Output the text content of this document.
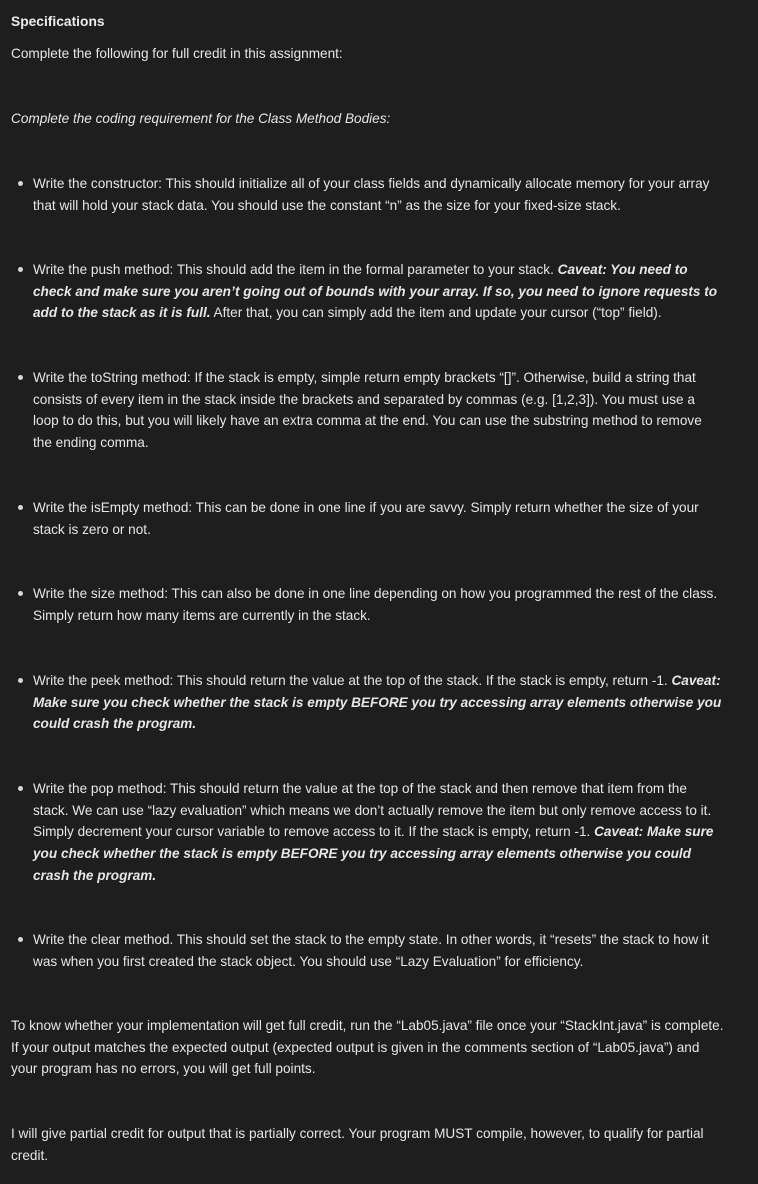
Specifications
Complete the following for full credit in this assignment:
Complete the coding requirement for the Class Method Bodies:
Write the constructor: This should initialize all of your class fields and dynamically allocate memory for your array that will hold your stack data. You should use the constant “n” as the size for your fixed-size stack.
Write the push method: This should add the item in the formal parameter to your stack. Caveat: You need to check and make sure you aren’t going out of bounds with your array. If so, you need to ignore requests to add to the stack as it is full. After that, you can simply add the item and update your cursor (“top” field).
Write the toString method: If the stack is empty, simple return empty brackets “[]”. Otherwise, build a string that consists of every item in the stack inside the brackets and separated by commas (e.g. [1,2,3]). You must use a loop to do this, but you will likely have an extra comma at the end. You can use the substring method to remove the ending comma.
Write the isEmpty method: This can be done in one line if you are savvy. Simply return whether the size of your stack is zero or not.
Write the size method: This can also be done in one line depending on how you programmed the rest of the class. Simply return how many items are currently in the stack.
Write the peek method: This should return the value at the top of the stack. If the stack is empty, return -1. Caveat: Make sure you check whether the stack is empty BEFORE you try accessing array elements otherwise you could crash the program.
Write the pop method: This should return the value at the top of the stack and then remove that item from the stack. We can use “lazy evaluation” which means we don’t actually remove the item but only remove access to it. Simply decrement your cursor variable to remove access to it. If the stack is empty, return -1. Caveat: Make sure you check whether the stack is empty BEFORE you try accessing array elements otherwise you could crash the program.
Write the clear method. This should set the stack to the empty state. In other words, it “resets” the stack to how it was when you first created the stack object. You should use “Lazy Evaluation” for efficiency.
To know whether your implementation will get full credit, run the “Lab05.java” file once your “StackInt.java” is complete. If your output matches the expected output (expected output is given in the comments section of “Lab05.java”) and your program has no errors, you will get full points.
I will give partial credit for output that is partially correct. Your program MUST compile, however, to qualify for partial credit.
